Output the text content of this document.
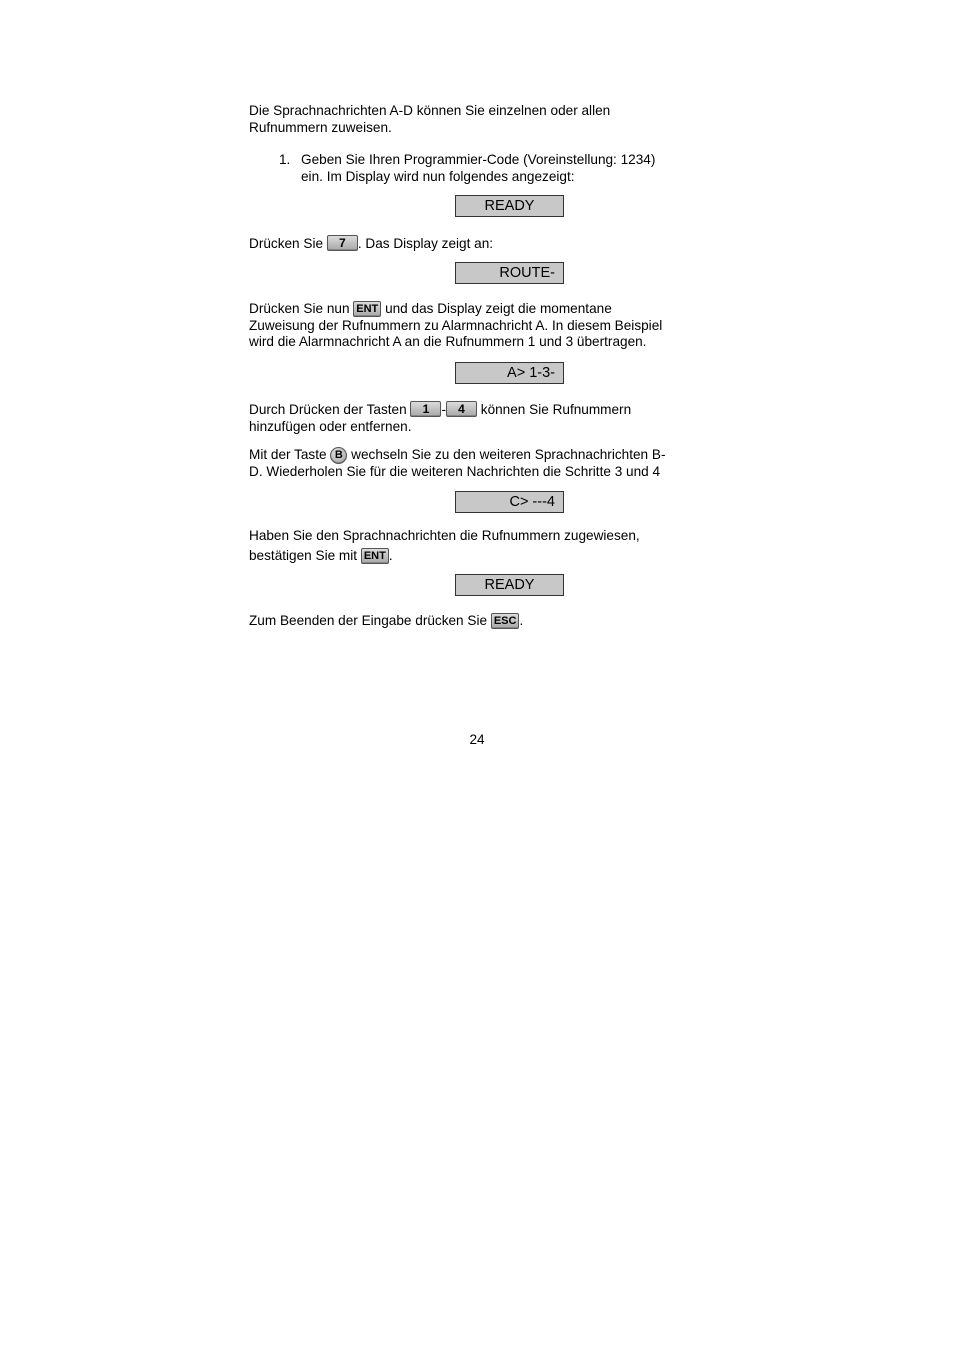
Die Sprachnachrichten A-D können Sie einzelnen oder allen
Rufnummern zuweisen.
1. Geben Sie Ihren Programmier-Code (Voreinstellung: 1234)
ein. Im Display wird nun folgendes angezeigt:
READY
Drücken Sie 7 . Das Display zeigt an:
ROUTE-
Drücken Sie nun ENT und das Display zeigt die momentane
Zuweisung der Rufnummern zu Alarmnachricht A. In diesem Beispiel
wird die Alarmnachricht A an die Rufnummern 1 und 3 übertragen.
A> 1-3-
Durch Drücken der Tasten 1 - 4 können Sie Rufnummern
hinzufügen oder entfernen.
Mit der Taste B wechseln Sie zu den weiteren Sprachnachrichten B-
D. Wiederholen Sie für die weiteren Nachrichten die Schritte 3 und 4
C> ---4
Haben Sie den Sprachnachrichten die Rufnummern zugewiesen,
bestätigen Sie mit ENT .
READY
Zum Beenden der Eingabe drücken Sie ESC .
24
